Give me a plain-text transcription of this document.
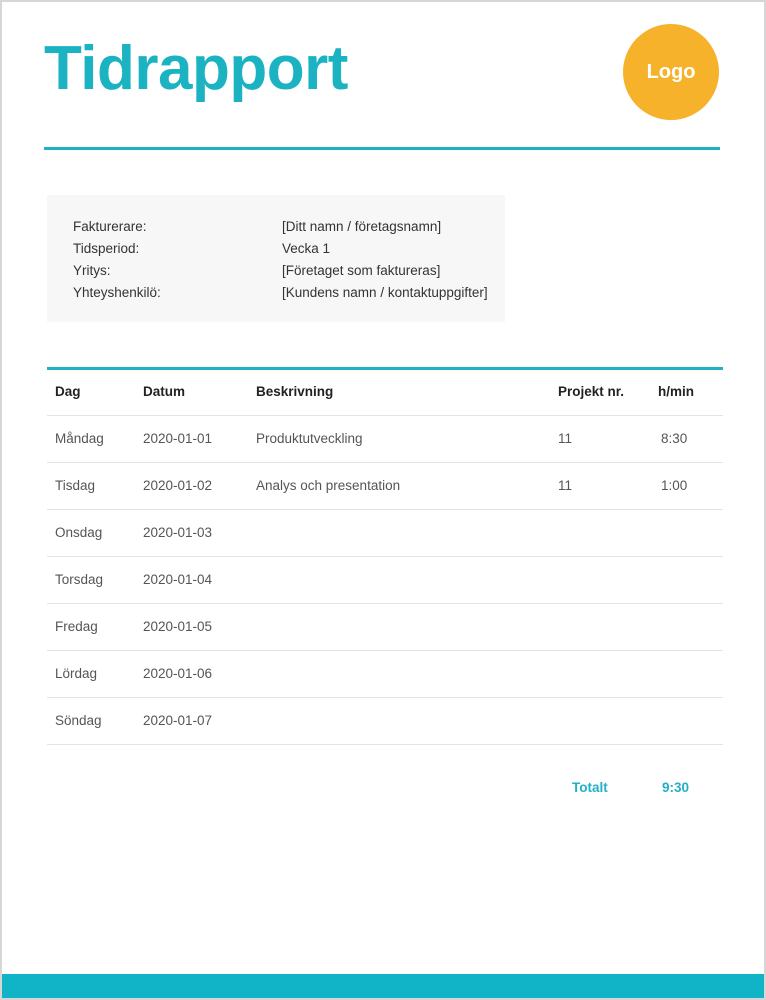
Tidrapport	Logo
Fakturerare:	[Ditt namn / företagsnamn]
Tidsperiod:	Vecka 1
Yritys:	[Företaget som faktureras]
Yhteyshenkilö:	[Kundens namn / kontaktuppgifter]
Dag	Datum	Beskrivning	Projekt nr.	h/min
Måndag	2020-01-01	Produktutveckling	11	8:30
Tisdag	2020-01-02	Analys och presentation	11	1:00
Onsdag	2020-01-03
Torsdag	2020-01-04
Fredag	2020-01-05
Lördag	2020-01-06
Söndag	2020-01-07
Totalt	9:30
